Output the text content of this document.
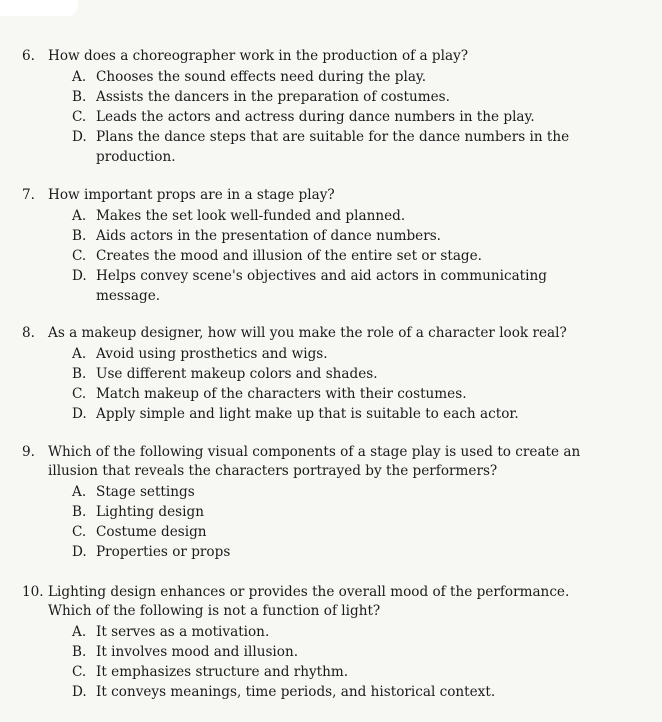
6. How does a choreographer work in the production of a play?
A. Chooses the sound effects need during the play.
B. Assists the dancers in the preparation of costumes.
C. Leads the actors and actress during dance numbers in the play.
D. Plans the dance steps that are suitable for the dance numbers in the
production.
7. How important props are in a stage play?
A. Makes the set look well-funded and planned.
B. Aids actors in the presentation of dance numbers.
C. Creates the mood and illusion of the entire set or stage.
D. Helps convey scene's objectives and aid actors in communicating
message.
8. As a makeup designer, how will you make the role of a character look real?
A. Avoid using prosthetics and wigs.
B. Use different makeup colors and shades.
C. Match makeup of the characters with their costumes.
D. Apply simple and light make up that is suitable to each actor.
9. Which of the following visual components of a stage play is used to create an
illusion that reveals the characters portrayed by the performers?
A. Stage settings
B. Lighting design
C. Costume design
D. Properties or props
10. Lighting design enhances or provides the overall mood of the performance.
Which of the following is not a function of light?
A. It serves as a motivation.
B. It involves mood and illusion.
C. It emphasizes structure and rhythm.
D. It conveys meanings, time periods, and historical context.
